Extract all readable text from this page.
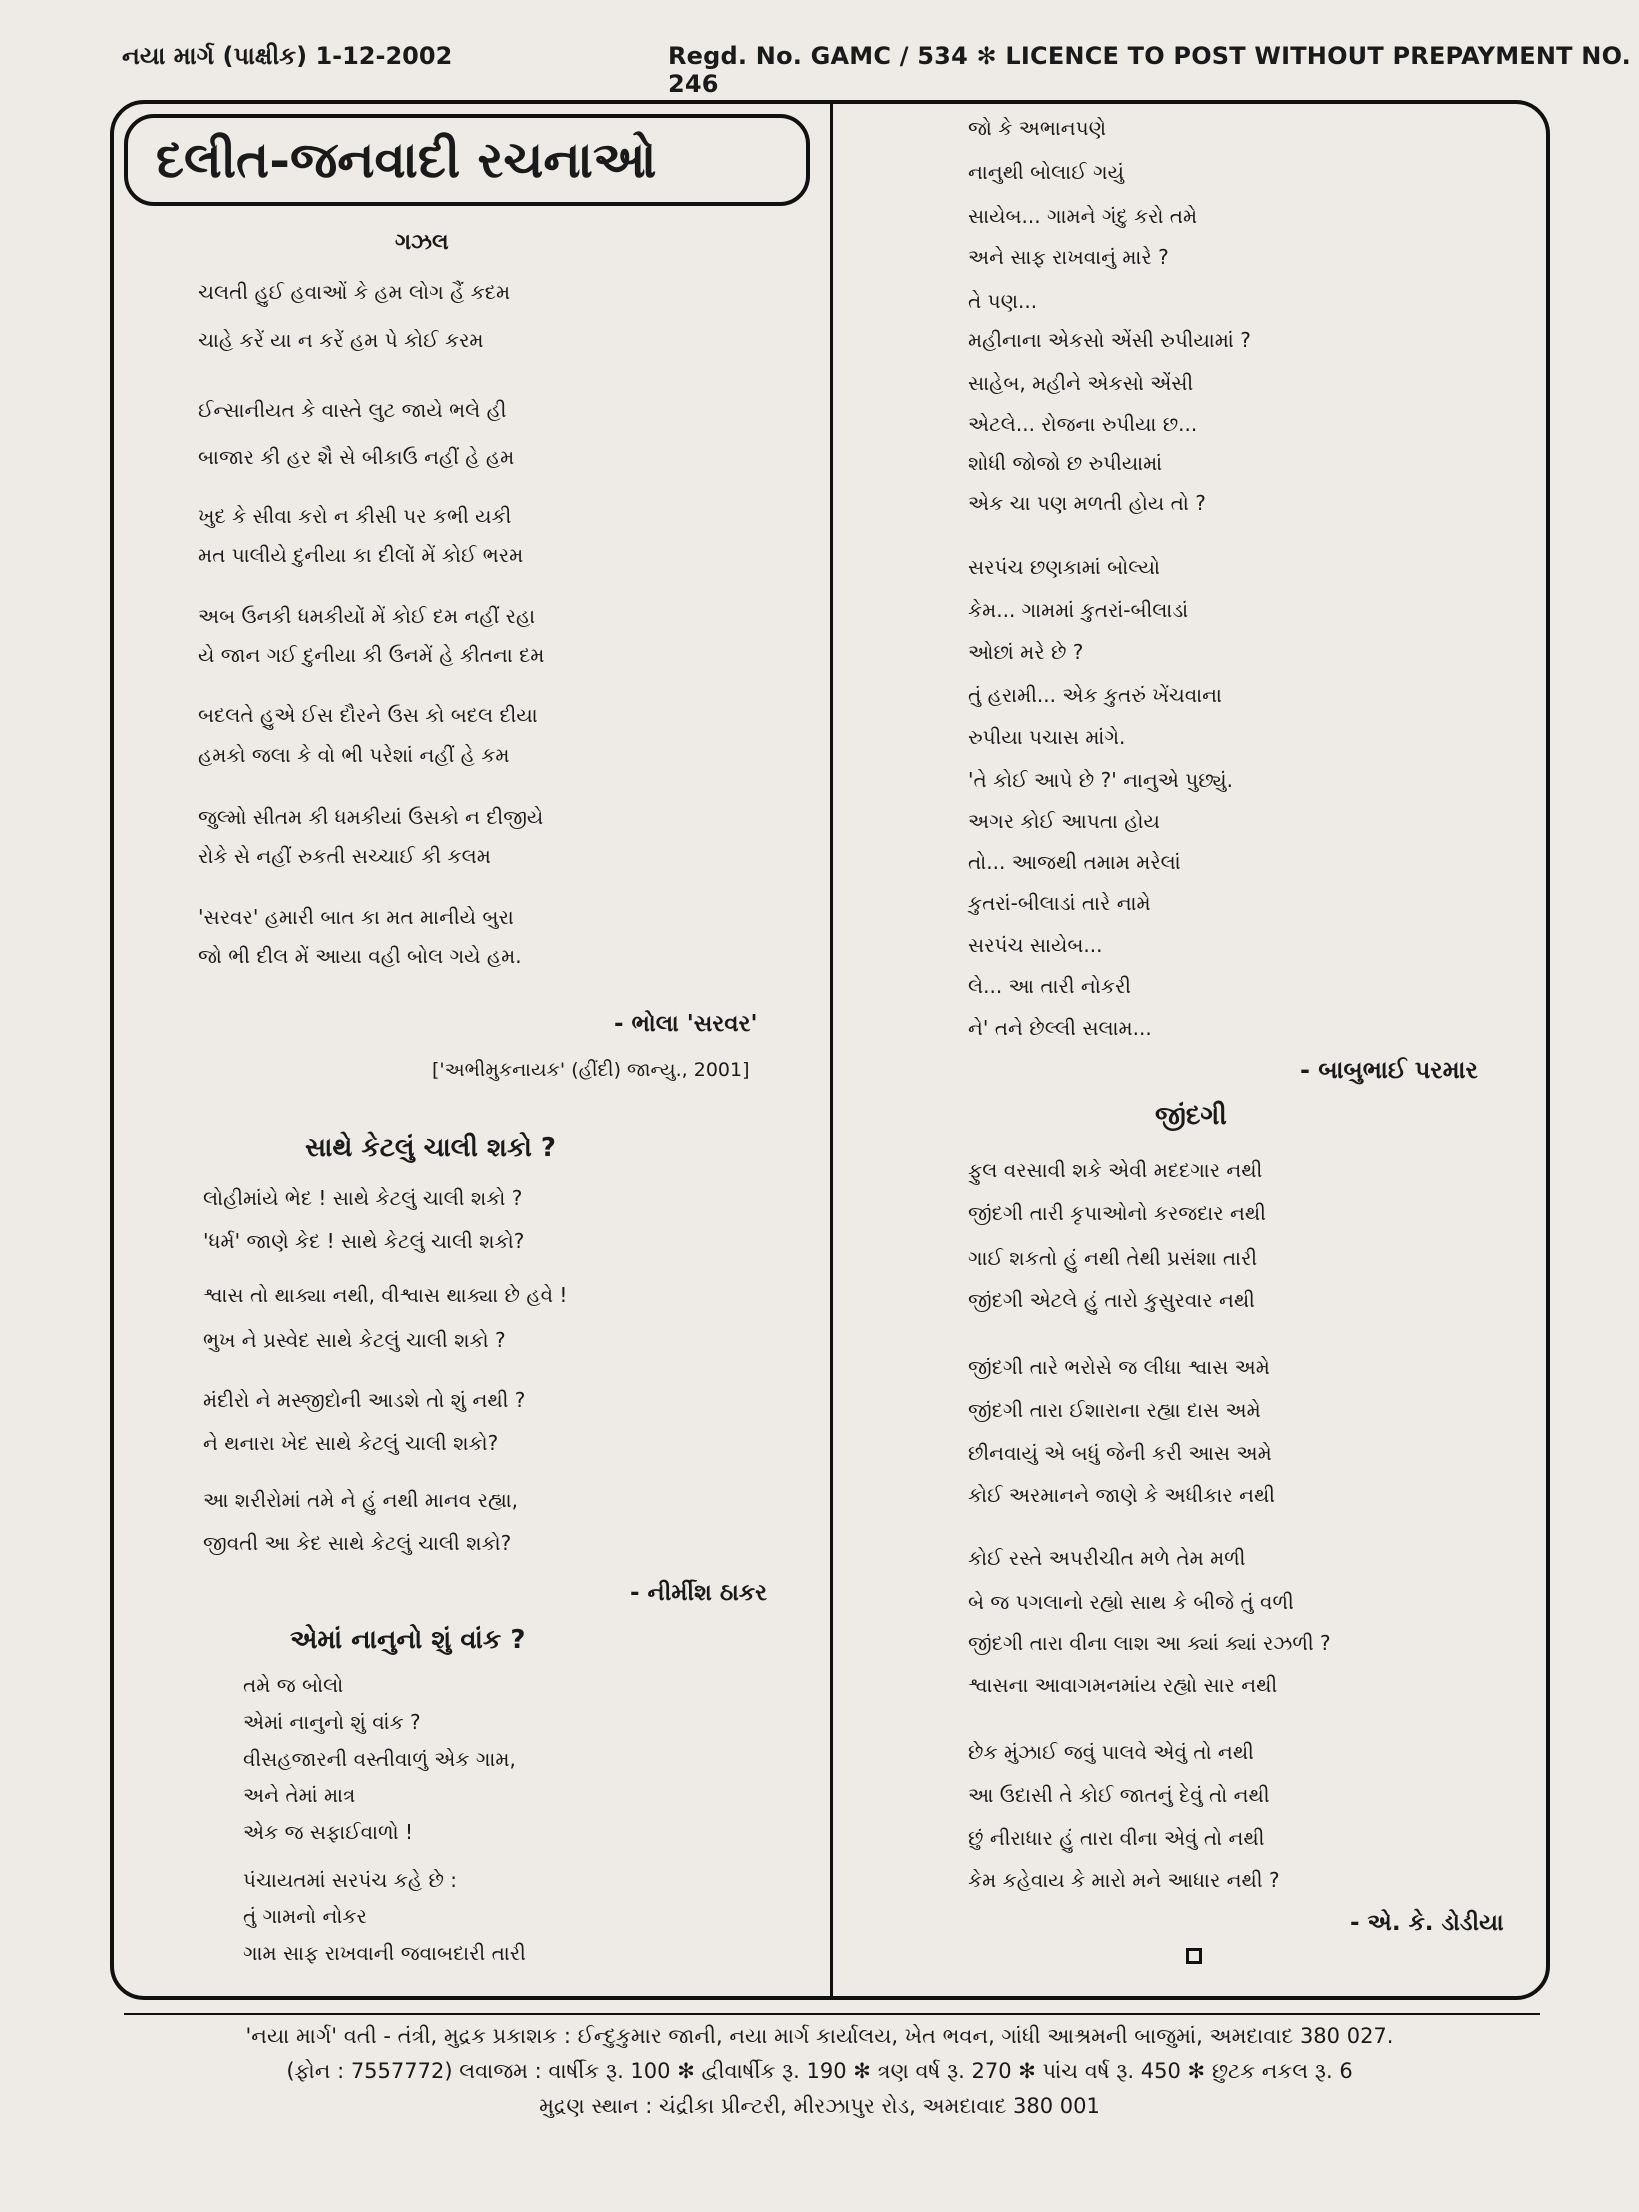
નયા માર્ગ (પાક્ષીક) 1-12-2002	Regd. No. GAMC / 534 ✻ LICENCE TO POST WITHOUT PREPAYMENT NO. 246
દલીત-જનવાદી રચનાઓ
ગઝલ
ચલતી હુઈ હવાઓં કે હમ લોગ હૈં કદમ
ચાહે કરેં યા ન કરેં હમ પે કોઈ કરમ
ઈન્સાનીયત કે વાસ્તે લુટ જાયે ભલે હી
બાજાર કી હર શૈ સે બીકાઉ નહીં હે હમ
ખુદ કે સીવા કરો ન કીસી પર કભી યકી
મત પાલીયે દુનીયા કા દીલોં મેં કોઈ ભરમ
અબ ઉનકી ધમકીયોં મેં કોઈ દમ નહીં રહા
યે જાન ગઈ દુનીયા કી ઉનમેં હે કીતના દમ
બદલતે હુએ ઈસ દૌરને ઉસ કો બદલ દીયા
હમકો જલા કે વો ભી પરેશાં નહીં હે કમ
જુલ્મો સીતમ કી ધમકીયાં ઉસકો ન દીજીયે
રોકે સે નહીં રુકતી સચ્ચાઈ કી કલમ
'સરવર' હમારી બાત કા મત માનીયે બુરા
જો ભી દીલ મેં આયા વહી બોલ ગયે હમ.
- ભોલા 'સરવર'
['અભીમુકનાયક' (હીંદી) જાન્યુ., 2001]
સાથે કેટલું ચાલી શકો ?
લોહીમાંયે ભેદ ! સાથે કેટલું ચાલી શકો ?
'ધર્મ' જાણે કેદ ! સાથે કેટલું ચાલી શકો?
શ્વાસ તો થાક્યા નથી, વીશ્વાસ થાક્યા છે હવે !
ભુખ ને પ્રસ્વેદ સાથે કેટલું ચાલી શકો ?
મંદીરો ને મસ્જીદોની આડશે તો શું નથી ?
ને થનારા ખેદ સાથે કેટલું ચાલી શકો?
આ શરીરોમાં તમે ને હું નથી માનવ રહ્યા,
જીવતી આ કેદ સાથે કેટલું ચાલી શકો?
- નીર્મીશ ઠાકર
એમાં નાનુનો શું વાંક ?
તમે જ બોલો
એમાં નાનુનો શું વાંક ?
વીસહજારની વસ્તીવાળું એક ગામ,
અને તેમાં માત્ર
એક જ સફાઈવાળો !
પંચાયતમાં સરપંચ કહે છે :
તું ગામનો નોકર
ગામ સાફ રાખવાની જવાબદારી તારી
જો કે અભાનપણે
નાનુથી બોલાઈ ગયું
સાયેબ... ગામને ગંદુ કરો તમે
અને સાફ રાખવાનું મારે ?
તે પણ...
મહીનાના એકસો એંસી રુપીયામાં ?
સાહેબ, મહીને એકસો એંસી
એટલે... રોજના રુપીયા છ...
શોધી જોજો છ રુપીયામાં
એક ચા પણ મળતી હોય તો ?
સરપંચ છણકામાં બોલ્યો
કેમ... ગામમાં કુતરાં-બીલાડાં
ઓછાં મરે છે ?
તું હરામી... એક કુતરું ખેંચવાના
રુપીયા પચાસ માંગે.
'તે કોઈ આપે છે ?' નાનુએ પુછ્યું.
અગર કોઈ આપતા હોય
તો... આજથી તમામ મરેલાં
કુતરાં-બીલાડાં તારે નામે
સરપંચ સાયેબ...
લે... આ તારી નોકરી
ને' તને છેલ્લી સલામ...
- બાબુભાઈ પરમાર
જીંદગી
ફુલ વરસાવી શકે એવી મદદગાર નથી
જીંદગી તારી કૃપાઓનો કરજદાર નથી
ગાઈ શકતો હું નથી તેથી પ્રસંશા તારી
જીંદગી એટલે હું તારો કુસુરવાર નથી
જીંદગી તારે ભરોસે જ લીધા શ્વાસ અમે
જીંદગી તારા ઈશારાના રહ્યા દાસ અમે
છીનવાયું એ બધું જેની કરી આસ અમે
કોઈ અરમાનને જાણે કે અધીકાર નથી
કોઈ રસ્તે અપરીચીત મળે તેમ મળી
બે જ પગલાનો રહ્યો સાથ કે બીજે તું વળી
જીંદગી તારા વીના લાશ આ ક્યાં ક્યાં રઝળી ?
શ્વાસના આવાગમનમાંય રહ્યો સાર નથી
છેક મુંઝાઈ જવું પાલવે એવું તો નથી
આ ઉદાસી તે કોઈ જાતનું દેવું તો નથી
છું નીરાધાર હું તારા વીના એવું તો નથી
કેમ કહેવાય કે મારો મને આધાર નથી ?
- એ. કે. ડોડીયા
'નયા માર્ગ' વતી - તંત્રી, મુદ્રક પ્રકાશક : ઈન્દુકુમાર જાની, નયા માર્ગ કાર્યાલય, ખેત ભવન, ગાંધી આશ્રમની બાજુમાં, અમદાવાદ 380 027.
(ફોન : 7557772) લવાજમ : વાર્ષીક રૂ. 100 ✻ દ્વીવાર્ષીક રૂ. 190 ✻ ત્રણ વર્ષ રૂ. 270 ✻ પાંચ વર્ષ રૂ. 450 ✻ છુટક નકલ રૂ. 6
મુદ્રણ સ્થાન : ચંદ્રીકા પ્રીન્ટરી, મીરઝાપુર રોડ, અમદાવાદ 380 001
